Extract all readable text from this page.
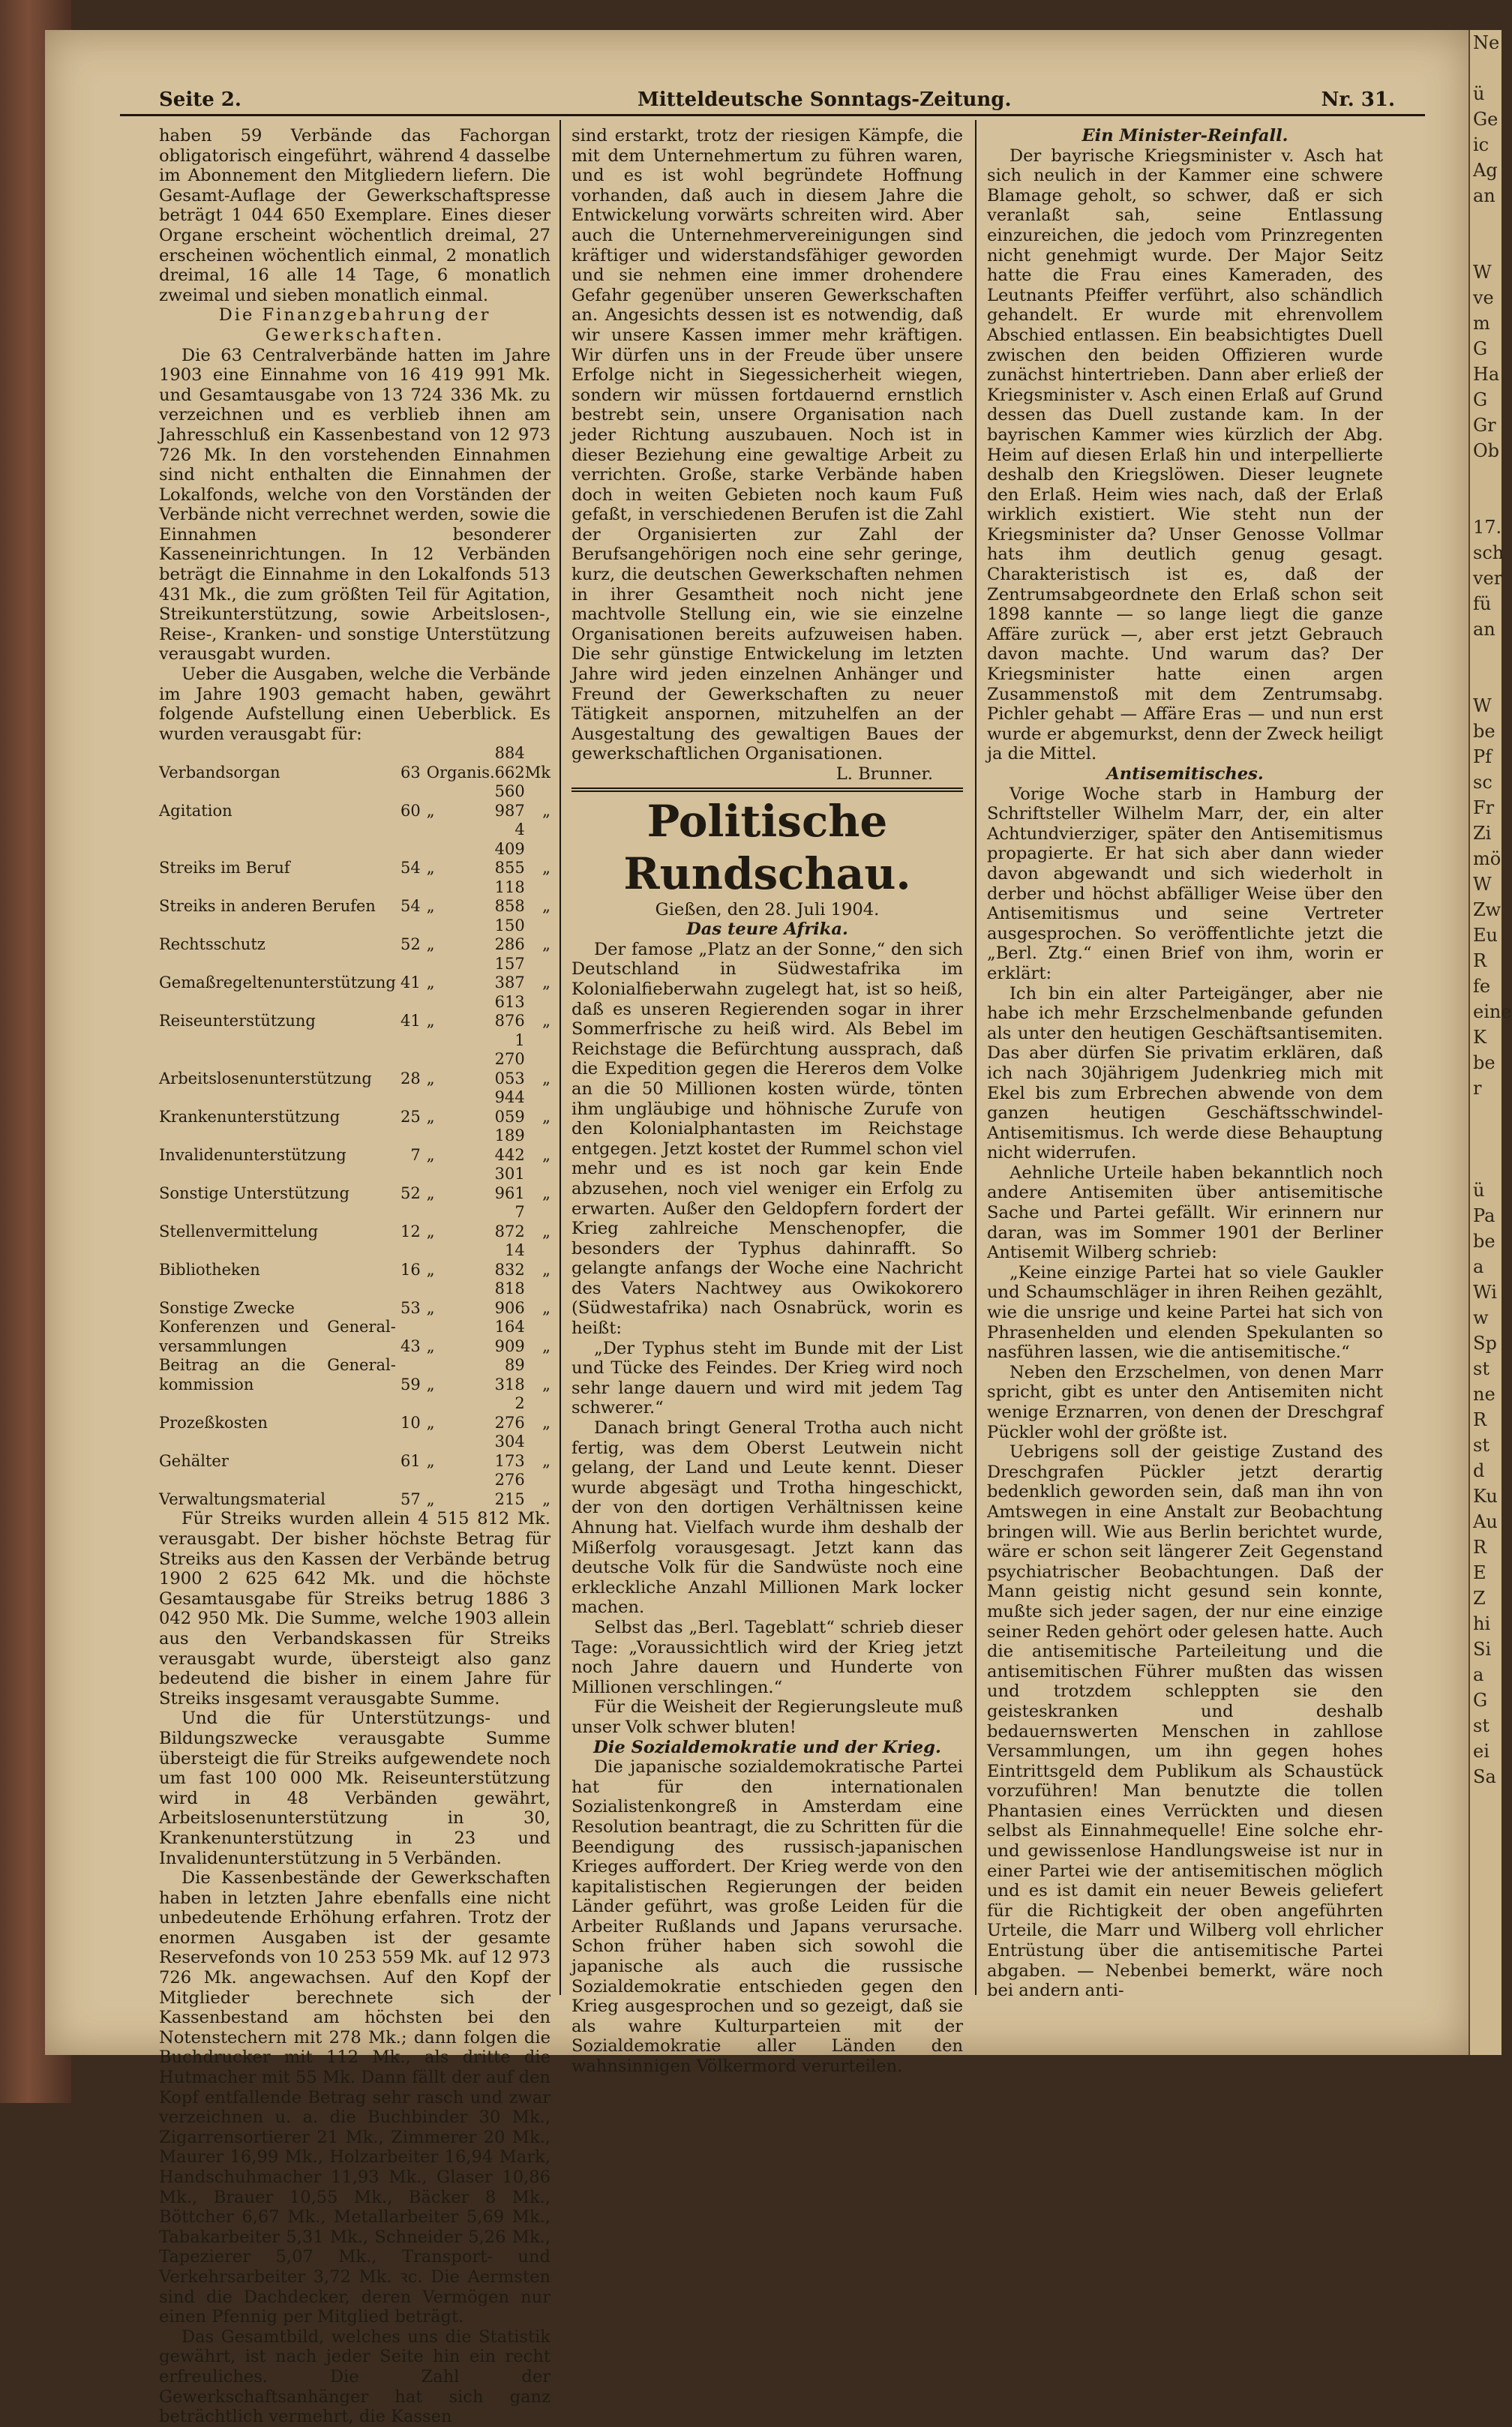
Ne

ü
Ge
ic
Ag
an

W
ve
m
G
Ha
G
Gr
Ob

17.
sch
ver
fü
an

W
be
Pf
sc
Fr
Zi
mö
W
Zw
Eu
R
fe
eine
K
be
r

ü
Pa
be
a
Wi
w
Sp
st
ne
R
st
d
Ku
Au
R
E
Z
hi
Si
a
G
st
ei
Sa
Seite 2.	Mitteldeutsche Sonntags-Zeitung.	Nr. 31.

haben 59 Verbände das Fachorgan obligatorisch eingeführt, während 4 dasselbe im Abonnement den Mitgliedern liefern. Die Gesamt-Auflage der Gewerkschaftspresse beträgt 1 044 650 Exemplare. Eines dieser Organe erscheint wöchentlich dreimal, 27 erscheinen wöchentlich einmal, 2 monatlich dreimal, 16 alle 14 Tage, 6 monatlich zweimal und sieben monatlich einmal.

Die Finanzgebahrung der Gewerkschaften.

Die 63 Centralverbände hatten im Jahre 1903 eine Einnahme von 16 419 991 Mk. und Gesamtausgabe von 13 724 336 Mk. zu verzeichnen und es verblieb ihnen am Jahresschluß ein Kassenbestand von 12 973 726 Mk. In den vorstehenden Einnahmen sind nicht enthalten die Einnahmen der Lokalfonds, welche von den Vorständen der Verbände nicht verrechnet werden, sowie die Einnahmen besonderer Kasseneinrichtungen. In 12 Verbänden beträgt die Einnahme in den Lokalfonds 513 431 Mk., die zum größten Teil für Agitation, Streikunterstützung, sowie Arbeitslosen-, Reise-, Kranken- und sonstige Unterstützung verausgabt wurden.

Ueber die Ausgaben, welche die Verbände im Jahre 1903 gemacht haben, gewährt folgende Aufstellung einen Ueberblick. Es wurden verausgabt für:

Verbandsorgan	63	Organis.	884 662	Mk
Agitation	60	„	560 987	„
Streiks im Beruf	54	„	4 409 855	„
Streiks in anderen Berufen	54	„	118 858	„
Rechtsschutz	52	„	150 286	„
Gemaßregeltenunterstützung	41	„	157 387	„
Reiseunterstützung	41	„	613 876	„
Arbeitslosenunterstützung	28	„	1 270 053	„
Krankenunterstützung	25	„	944 059	„
Invalidenunterstützung	7	„	189 442	„
Sonstige Unterstützung	52	„	301 961	„
Stellenvermittelung	12	„	7 872	„
Bibliotheken	16	„	14 832	„
Sonstige Zwecke	53	„	818 906	„
Konferenzen und General-versammlungen	43	„	164 909	„
Beitrag an die General-kommission	59	„	89 318	„
Prozeßkosten	10	„	2 276	„
Gehälter	61	„	304 173	„
Verwaltungsmaterial	57	„	276 215	„

Für Streiks wurden allein 4 515 812 Mk. verausgabt. Der bisher höchste Betrag für Streiks aus den Kassen der Verbände betrug 1900 2 625 642 Mk. und die höchste Gesamtausgabe für Streiks betrug 1886 3 042 950 Mk. Die Summe, welche 1903 allein aus den Verbandskassen für Streiks verausgabt wurde, übersteigt also ganz bedeutend die bisher in einem Jahre für Streiks insgesamt verausgabte Summe.

Und die für Unterstützungs- und Bildungszwecke verausgabte Summe übersteigt die für Streiks aufgewendete noch um fast 100 000 Mk. Reiseunterstützung wird in 48 Verbänden gewährt, Arbeitslosenunterstützung in 30, Krankenunterstützung in 23 und Invalidenunterstützung in 5 Verbänden.

Die Kassenbestände der Gewerkschaften haben in letzten Jahre ebenfalls eine nicht unbedeutende Erhöhung erfahren. Trotz der enormen Ausgaben ist der gesamte Reservefonds von 10 253 559 Mk. auf 12 973 726 Mk. angewachsen. Auf den Kopf der Mitglieder berechnete sich der Kassenbestand am höchsten bei den Notenstechern mit 278 Mk.; dann folgen die Buchdrucker mit 112 Mk., als dritte die Hutmacher mit 55 Mk. Dann fällt der auf den Kopf entfallende Betrag sehr rasch und zwar verzeichnen u. a. die Buchbinder 30 Mk., Zigarrensortierer 21 Mk., Zimmerer 20 Mk., Maurer 16,99 Mk., Holzarbeiter 16,94 Mark, Handschuhmacher 11,93 Mk., Glaser 10,86 Mk., Brauer 10,55 Mk., Bäcker 8 Mk., Böttcher 6,67 Mk., Metallarbeiter 5,69 Mk., Tabakarbeiter 5,31 Mk., Schneider 5,26 Mk., Tapezierer 5,07 Mk., Transport- und Verkehrsarbeiter 3,72 Mk. ꝛc. Die Aermsten sind die Dachdecker, deren Vermögen nur einen Pfennig per Mitglied beträgt.

Das Gesamtbild, welches uns die Statistik gewährt, ist nach jeder Seite hin ein recht erfreuliches. Die Zahl der Gewerkschaftsanhänger hat sich ganz beträchtlich vermehrt, die Kassen

sind erstarkt, trotz der riesigen Kämpfe, die mit dem Unternehmertum zu führen waren, und es ist wohl begründete Hoffnung vorhanden, daß auch in diesem Jahre die Entwickelung vorwärts schreiten wird. Aber auch die Unternehmervereinigungen sind kräftiger und widerstandsfähiger geworden und sie nehmen eine immer drohendere Gefahr gegenüber unseren Gewerkschaften an. Angesichts dessen ist es notwendig, daß wir unsere Kassen immer mehr kräftigen. Wir dürfen uns in der Freude über unsere Erfolge nicht in Siegessicherheit wiegen, sondern wir müssen fortdauernd ernstlich bestrebt sein, unsere Organisation nach jeder Richtung auszubauen. Noch ist in dieser Beziehung eine gewaltige Arbeit zu verrichten. Große, starke Verbände haben doch in weiten Gebieten noch kaum Fuß gefaßt, in verschiedenen Berufen ist die Zahl der Organisierten zur Zahl der Berufsangehörigen noch eine sehr geringe, kurz, die deutschen Gewerkschaften nehmen in ihrer Gesamtheit noch nicht jene machtvolle Stellung ein, wie sie einzelne Organisationen bereits aufzuweisen haben. Die sehr günstige Entwickelung im letzten Jahre wird jeden einzelnen Anhänger und Freund der Gewerkschaften zu neuer Tätigkeit anspornen, mitzuhelfen an der Ausgestaltung des gewaltigen Baues der gewerkschaftlichen Organisationen.

L. Brunner.

Politische Rundschau.

Gießen, den 28. Juli 1904.

Das teure Afrika.

Der famose „Platz an der Sonne,“ den sich Deutschland in Südwestafrika im Kolonialfieberwahn zugelegt hat, ist so heiß, daß es unseren Regierenden sogar in ihrer Sommerfrische zu heiß wird. Als Bebel im Reichstage die Befürchtung aussprach, daß die Expedition gegen die Hereros dem Volke an die 50 Millionen kosten würde, tönten ihm ungläubige und höhnische Zurufe von den Kolonialphantasten im Reichstage entgegen. Jetzt kostet der Rummel schon viel mehr und es ist noch gar kein Ende abzusehen, noch viel weniger ein Erfolg zu erwarten. Außer den Geldopfern fordert der Krieg zahlreiche Menschenopfer, die besonders der Typhus dahinrafft. So gelangte anfangs der Woche eine Nachricht des Vaters Nachtwey aus Owikokorero (Südwestafrika) nach Osnabrück, worin es heißt:

„Der Typhus steht im Bunde mit der List und Tücke des Feindes. Der Krieg wird noch sehr lange dauern und wird mit jedem Tag schwerer.“

Danach bringt General Trotha auch nicht fertig, was dem Oberst Leutwein nicht gelang, der Land und Leute kennt. Dieser wurde abgesägt und Trotha hingeschickt, der von den dortigen Verhältnissen keine Ahnung hat. Vielfach wurde ihm deshalb der Mißerfolg vorausgesagt. Jetzt kann das deutsche Volk für die Sandwüste noch eine erkleckliche Anzahl Millionen Mark locker machen.

Selbst das „Berl. Tageblatt“ schrieb dieser Tage: „Voraussichtlich wird der Krieg jetzt noch Jahre dauern und Hunderte von Millionen verschlingen.“

Für die Weisheit der Regierungsleute muß unser Volk schwer bluten!

Die Sozialdemokratie und der Krieg.

Die japanische sozialdemokratische Partei hat für den internationalen Sozialistenkongreß in Amsterdam eine Resolution beantragt, die zu Schritten für die Beendigung des russisch-japanischen Krieges auffordert. Der Krieg werde von den kapitalistischen Regierungen der beiden Länder geführt, was große Leiden für die Arbeiter Rußlands und Japans verursache. Schon früher haben sich sowohl die japanische als auch die russische Sozialdemokratie entschieden gegen den Krieg ausgesprochen und so gezeigt, daß sie als wahre Kulturparteien mit der Sozialdemokratie aller Länden den wahnsinnigen Völkermord verurteilen.

Ein Minister-Reinfall.

Der bayrische Kriegsminister v. Asch hat sich neulich in der Kammer eine schwere Blamage geholt, so schwer, daß er sich veranlaßt sah, seine Entlassung einzureichen, die jedoch vom Prinzregenten nicht genehmigt wurde. Der Major Seitz hatte die Frau eines Kameraden, des Leutnants Pfeiffer verführt, also schändlich gehandelt. Er wurde mit ehrenvollem Abschied entlassen. Ein beabsichtigtes Duell zwischen den beiden Offizieren wurde zunächst hintertrieben. Dann aber erließ der Kriegsminister v. Asch einen Erlaß auf Grund dessen das Duell zustande kam. In der bayrischen Kammer wies kürzlich der Abg. Heim auf diesen Erlaß hin und interpellierte deshalb den Kriegslöwen. Dieser leugnete den Erlaß. Heim wies nach, daß der Erlaß wirklich existiert. Wie steht nun der Kriegsminister da? Unser Genosse Vollmar hats ihm deutlich genug gesagt. Charakteristisch ist es, daß der Zentrumsabgeordnete den Erlaß schon seit 1898 kannte — so lange liegt die ganze Affäre zurück —, aber erst jetzt Gebrauch davon machte. Und warum das? Der Kriegsminister hatte einen argen Zusammenstoß mit dem Zentrumsabg. Pichler gehabt — Affäre Eras — und nun erst wurde er abgemurkst, denn der Zweck heiligt ja die Mittel.

Antisemitisches.

Vorige Woche starb in Hamburg der Schriftsteller Wilhelm Marr, der, ein alter Achtundvierziger, später den Antisemitismus propagierte. Er hat sich aber dann wieder davon abgewandt und sich wiederholt in derber und höchst abfälliger Weise über den Antisemitismus und seine Vertreter ausgesprochen. So veröffentlichte jetzt die „Berl. Ztg.“ einen Brief von ihm, worin er erklärt:

Ich bin ein alter Parteigänger, aber nie habe ich mehr Erzschelmenbande gefunden als unter den heutigen Geschäftsantisemiten. Das aber dürfen Sie privatim erklären, daß ich nach 30jährigem Judenkrieg mich mit Ekel bis zum Erbrechen abwende von dem ganzen heutigen Geschäftsschwindel-Antisemitismus. Ich werde diese Behauptung nicht widerrufen.

Aehnliche Urteile haben bekanntlich noch andere Antisemiten über antisemitische Sache und Partei gefällt. Wir erinnern nur daran, was im Sommer 1901 der Berliner Antisemit Wilberg schrieb:

„Keine einzige Partei hat so viele Gaukler und Schaumschläger in ihren Reihen gezählt, wie die unsrige und keine Partei hat sich von Phrasenhelden und elenden Spekulanten so nasführen lassen, wie die antisemitische.“

Neben den Erzschelmen, von denen Marr spricht, gibt es unter den Antisemiten nicht wenige Erznarren, von denen der Dreschgraf Pückler wohl der größte ist.

Uebrigens soll der geistige Zustand des Dreschgrafen Pückler jetzt derartig bedenklich geworden sein, daß man ihn von Amtswegen in eine Anstalt zur Beobachtung bringen will. Wie aus Berlin berichtet wurde, wäre er schon seit längerer Zeit Gegenstand psychiatrischer Beobachtungen. Daß der Mann geistig nicht gesund sein konnte, mußte sich jeder sagen, der nur eine einzige seiner Reden gehört oder gelesen hatte. Auch die antisemitische Parteileitung und die antisemitischen Führer mußten das wissen und trotzdem schleppten sie den geisteskranken und deshalb bedauernswerten Menschen in zahllose Versammlungen, um ihn gegen hohes Eintrittsgeld dem Publikum als Schaustück vorzuführen! Man benutzte die tollen Phantasien eines Verrückten und diesen selbst als Einnahmequelle! Eine solche ehr- und gewissenlose Handlungsweise ist nur in einer Partei wie der antisemitischen möglich und es ist damit ein neuer Beweis geliefert für die Richtigkeit der oben angeführten Urteile, die Marr und Wilberg voll ehrlicher Entrüstung über die antisemitische Partei abgaben. — Nebenbei bemerkt, wäre noch bei andern anti-
